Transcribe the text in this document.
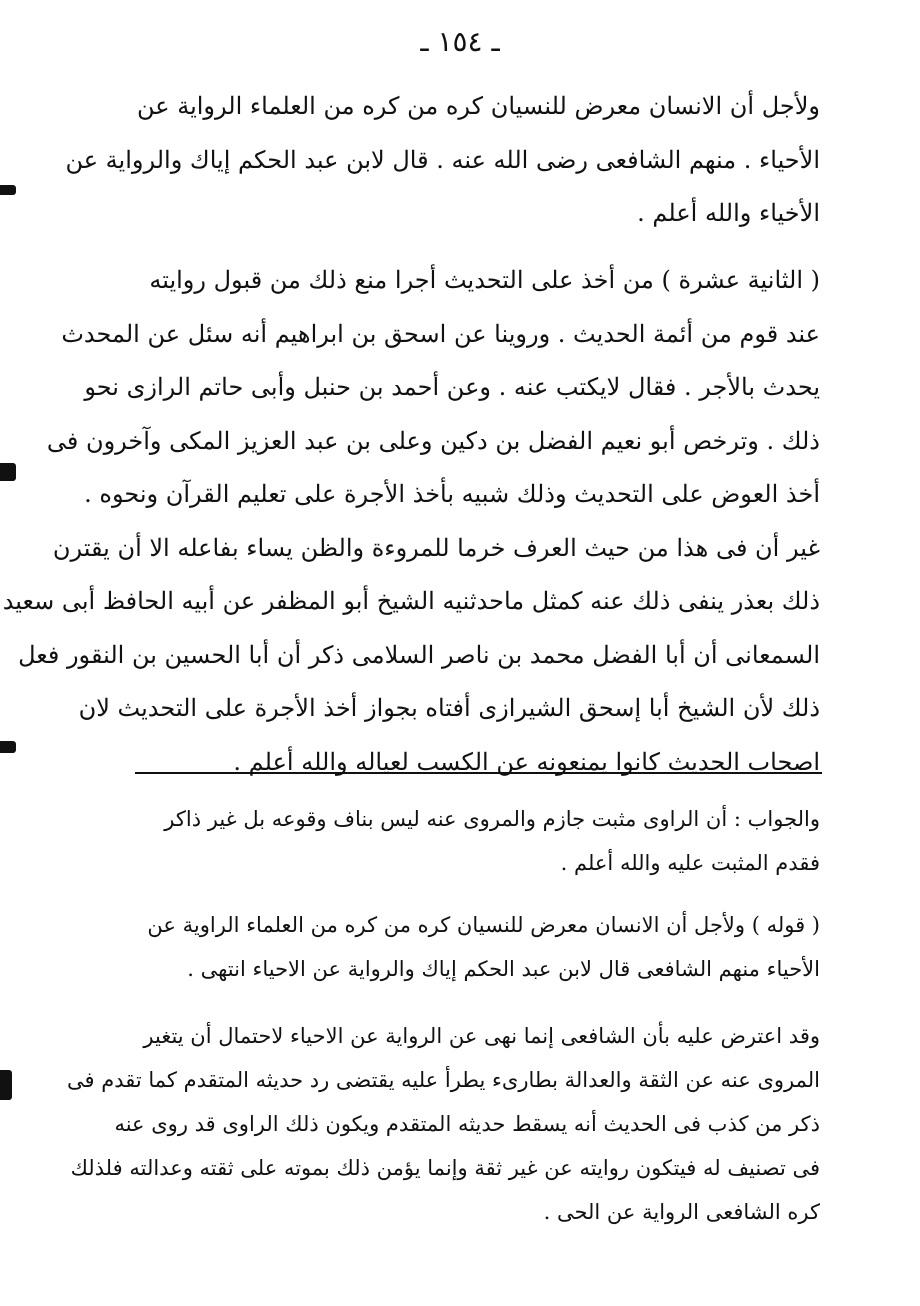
ـ ١٥٤ ـ
ولأجل أن الانسان معرض للنسيان كره من كره من العلماء الرواية عن
الأحياء . منهم الشافعى رضى الله عنه . قال لابن عبد الحكم إياك والرواية عن
الأخياء والله أعلم .
( الثانية عشرة ) من أخذ على التحديث أجرا منع ذلك من قبول روايته
عند قوم من أئمة الحديث . وروينا عن اسحق بن ابراهيم أنه سئل عن المحدث
يحدث بالأجر . فقال لايكتب عنه . وعن أحمد بن حنبل وأبى حاتم الرازى نحو
ذلك . وترخص أبو نعيم الفضل بن دكين وعلى بن عبد العزيز المكى وآخرون فى
أخذ العوض على التحديث وذلك شبيه بأخذ الأجرة على تعليم القرآن ونحوه .
غير أن فى هذا من حيث العرف خرما للمروءة والظن يساء بفاعله الا أن يقترن
ذلك بعذر ينفى ذلك عنه كمثل ماحدثنيه الشيخ أبو المظفر عن أبيه الحافظ أبى سعيد
السمعانى أن أبا الفضل محمد بن ناصر السلامى ذكر أن أبا الحسين بن النقور فعل
ذلك لأن الشيخ أبا إسحق الشيرازى أفتاه بجواز أخذ الأجرة على التحديث لان
اصحاب الحديث كانوا يمنعونه عن الكسب لعياله والله أعلم .
والجواب : أن الراوى مثبت جازم والمروى عنه ليس بناف وقوعه بل غير ذاكر
فقدم المثبت عليه والله أعلم .
( قوله ) ولأجل أن الانسان معرض للنسيان كره من كره من العلماء الراوية عن
الأحياء منهم الشافعى قال لابن عبد الحكم إياك والرواية عن الاحياء انتهى .
وقد اعترض عليه بأن الشافعى إنما نهى عن الرواية عن الاحياء لاحتمال أن يتغير
المروى عنه عن الثقة والعدالة بطارىء يطرأ عليه يقتضى رد حديثه المتقدم كما تقدم فى
ذكر من كذب فى الحديث أنه يسقط حديثه المتقدم ويكون ذلك الراوى قد روى عنه
فى تصنيف له فيتكون روايته عن غير ثقة وإنما يؤمن ذلك بموته على ثقته وعدالته فلذلك
كره الشافعى الرواية عن الحى .
